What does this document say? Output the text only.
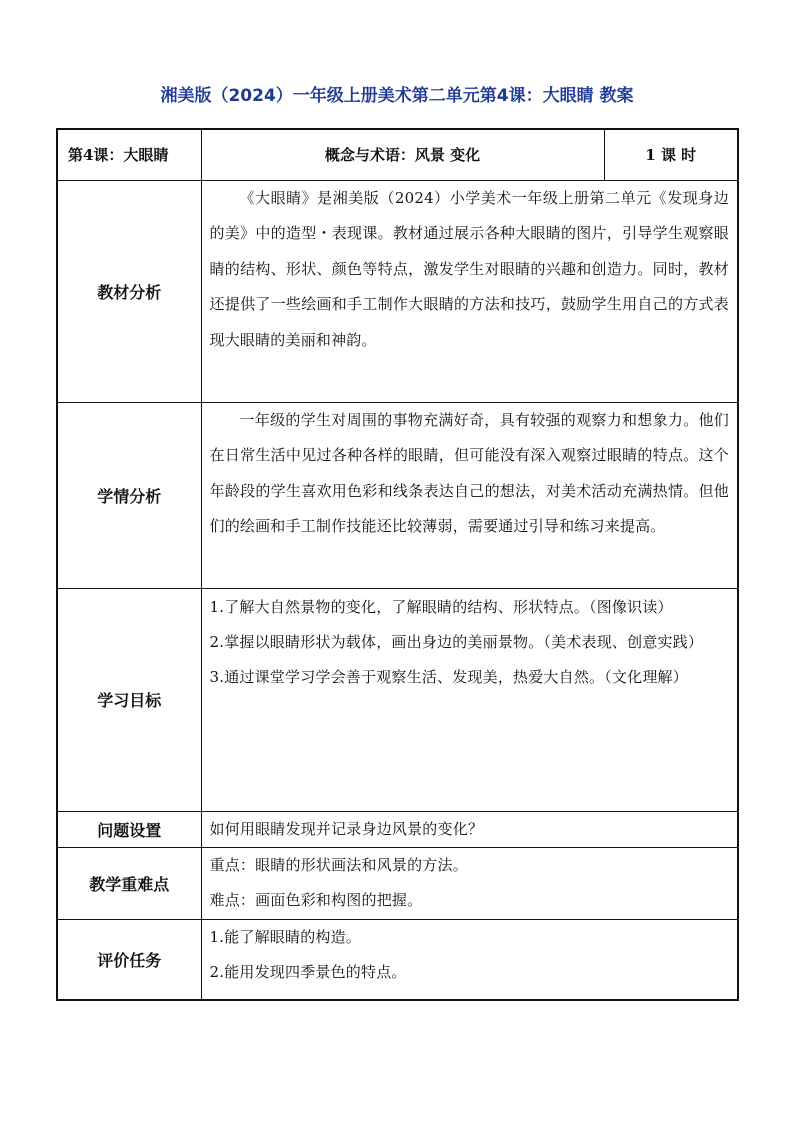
湘美版（2024）一年级上册美术第二单元第4课：大眼睛 教案
第4课：大眼睛	概念与术语：风景 变化	1 课 时
教材分析	《大眼睛》是湘美版（2024）小学美术一年级上册第二单元《发现身边的美》中的造型・表现课。教材通过展示各种大眼睛的图片，引导学生观察眼睛的结构、形状、颜色等特点，激发学生对眼睛的兴趣和创造力。同时，教材还提供了一些绘画和手工制作大眼睛的方法和技巧，鼓励学生用自己的方式表现大眼睛的美丽和神韵。	

学情分析	一年级的学生对周围的事物充满好奇，具有较强的观察力和想象力。他们在日常生活中见过各种各样的眼睛，但可能没有深入观察过眼睛的特点。这个年龄段的学生喜欢用色彩和线条表达自己的想法，对美术活动充满热情。但他们的绘画和手工制作技能还比较薄弱，需要通过引导和练习来提高。	

学习目标	1.了解大自然景物的变化，了解眼睛的结构、形状特点。（图像识读）

2.掌握以眼睛形状为载体，画出身边的美丽景物。（美术表现、创意实践）

3.通过课堂学习学会善于观察生活、发现美，热爱大自然。（文化理解）	

问题设置	如何用眼睛发现并记录身边风景的变化？	

教学重难点	重点：眼睛的形状画法和风景的方法。

难点：画面色彩和构图的把握。	

评价任务	1.能了解眼睛的构造。

2.能用发现四季景色的特点。	
